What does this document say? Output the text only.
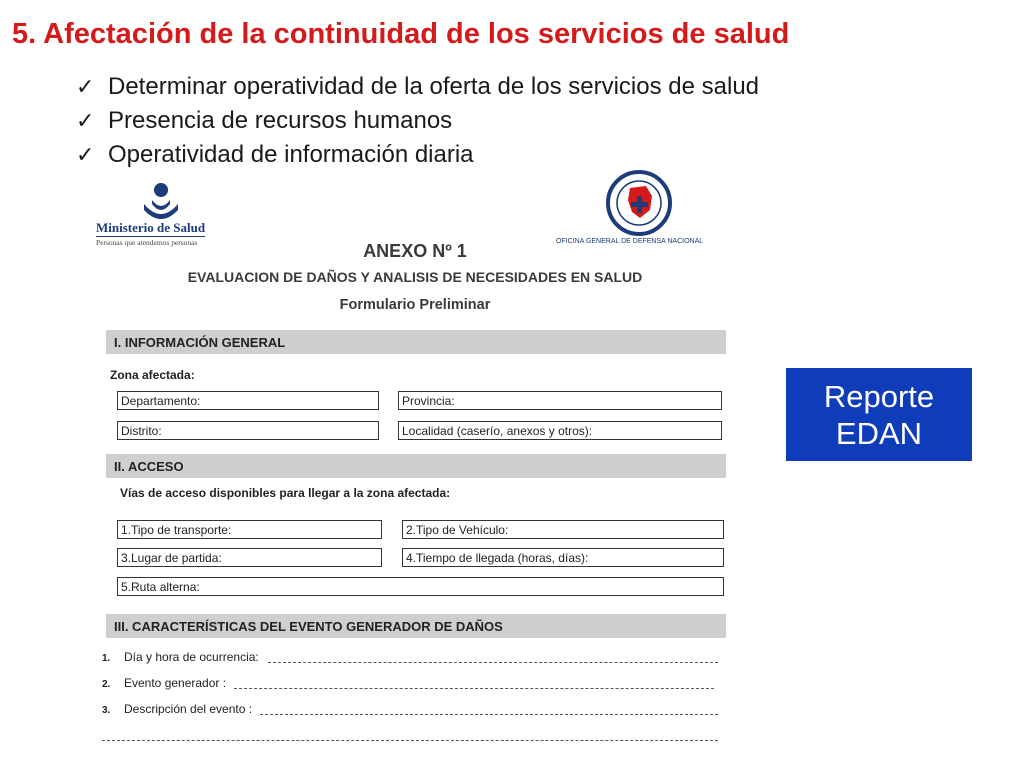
5. Afectación de la continuidad de los servicios de salud
✓ Determinar operatividad de la oferta de los servicios de salud
✓ Presencia de recursos humanos
✓ Operatividad de información diaria
Ministerio de Salud
Personas que atendemos personas	OFICINA GENERAL DE DEFENSA NACIONAL
ANEXO Nº 1
EVALUACION DE DAÑOS Y ANALISIS DE NECESIDADES EN SALUD
Formulario Preliminar
I. INFORMACIÓN GENERAL
Zona afectada:
Departamento:	Provincia:
Distrito:	Localidad (caserío, anexos y otros):
II. ACCESO
Vías de acceso disponibles para llegar a la zona afectada:
1.Tipo de transporte:	2.Tipo de Vehículo:
3.Lugar de partida:	4.Tiempo de llegada (horas, días):
5.Ruta alterna:
III. CARACTERÍSTICAS DEL EVENTO GENERADOR DE DAÑOS
1. Día y hora de ocurrencia:
2. Evento generador :
3. Descripción del evento :
Reporte
EDAN
